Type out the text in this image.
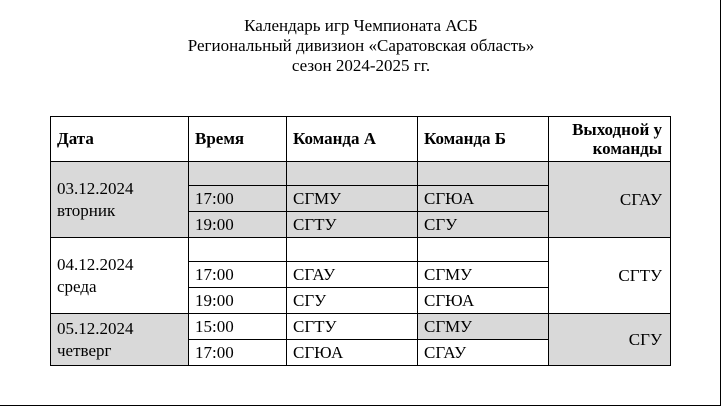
Календарь игр Чемпионата АСБ
Региональный дивизион «Саратовская область»
сезон 2024-2025 гг.
Дата	Время	Команда А	Команда Б	Выходной у
команды

03.12.2024
вторник				СГАУ
	17:00	СГМУ	СГЮА	
	19:00	СГТУ	СГУ	

04.12.2024
среда				СГТУ
	17:00	СГАУ	СГМУ	
	19:00	СГУ	СГЮА	

05.12.2024
четверг	15:00	СГТУ	СГМУ	СГУ
	17:00	СГЮА	СГАУ	
